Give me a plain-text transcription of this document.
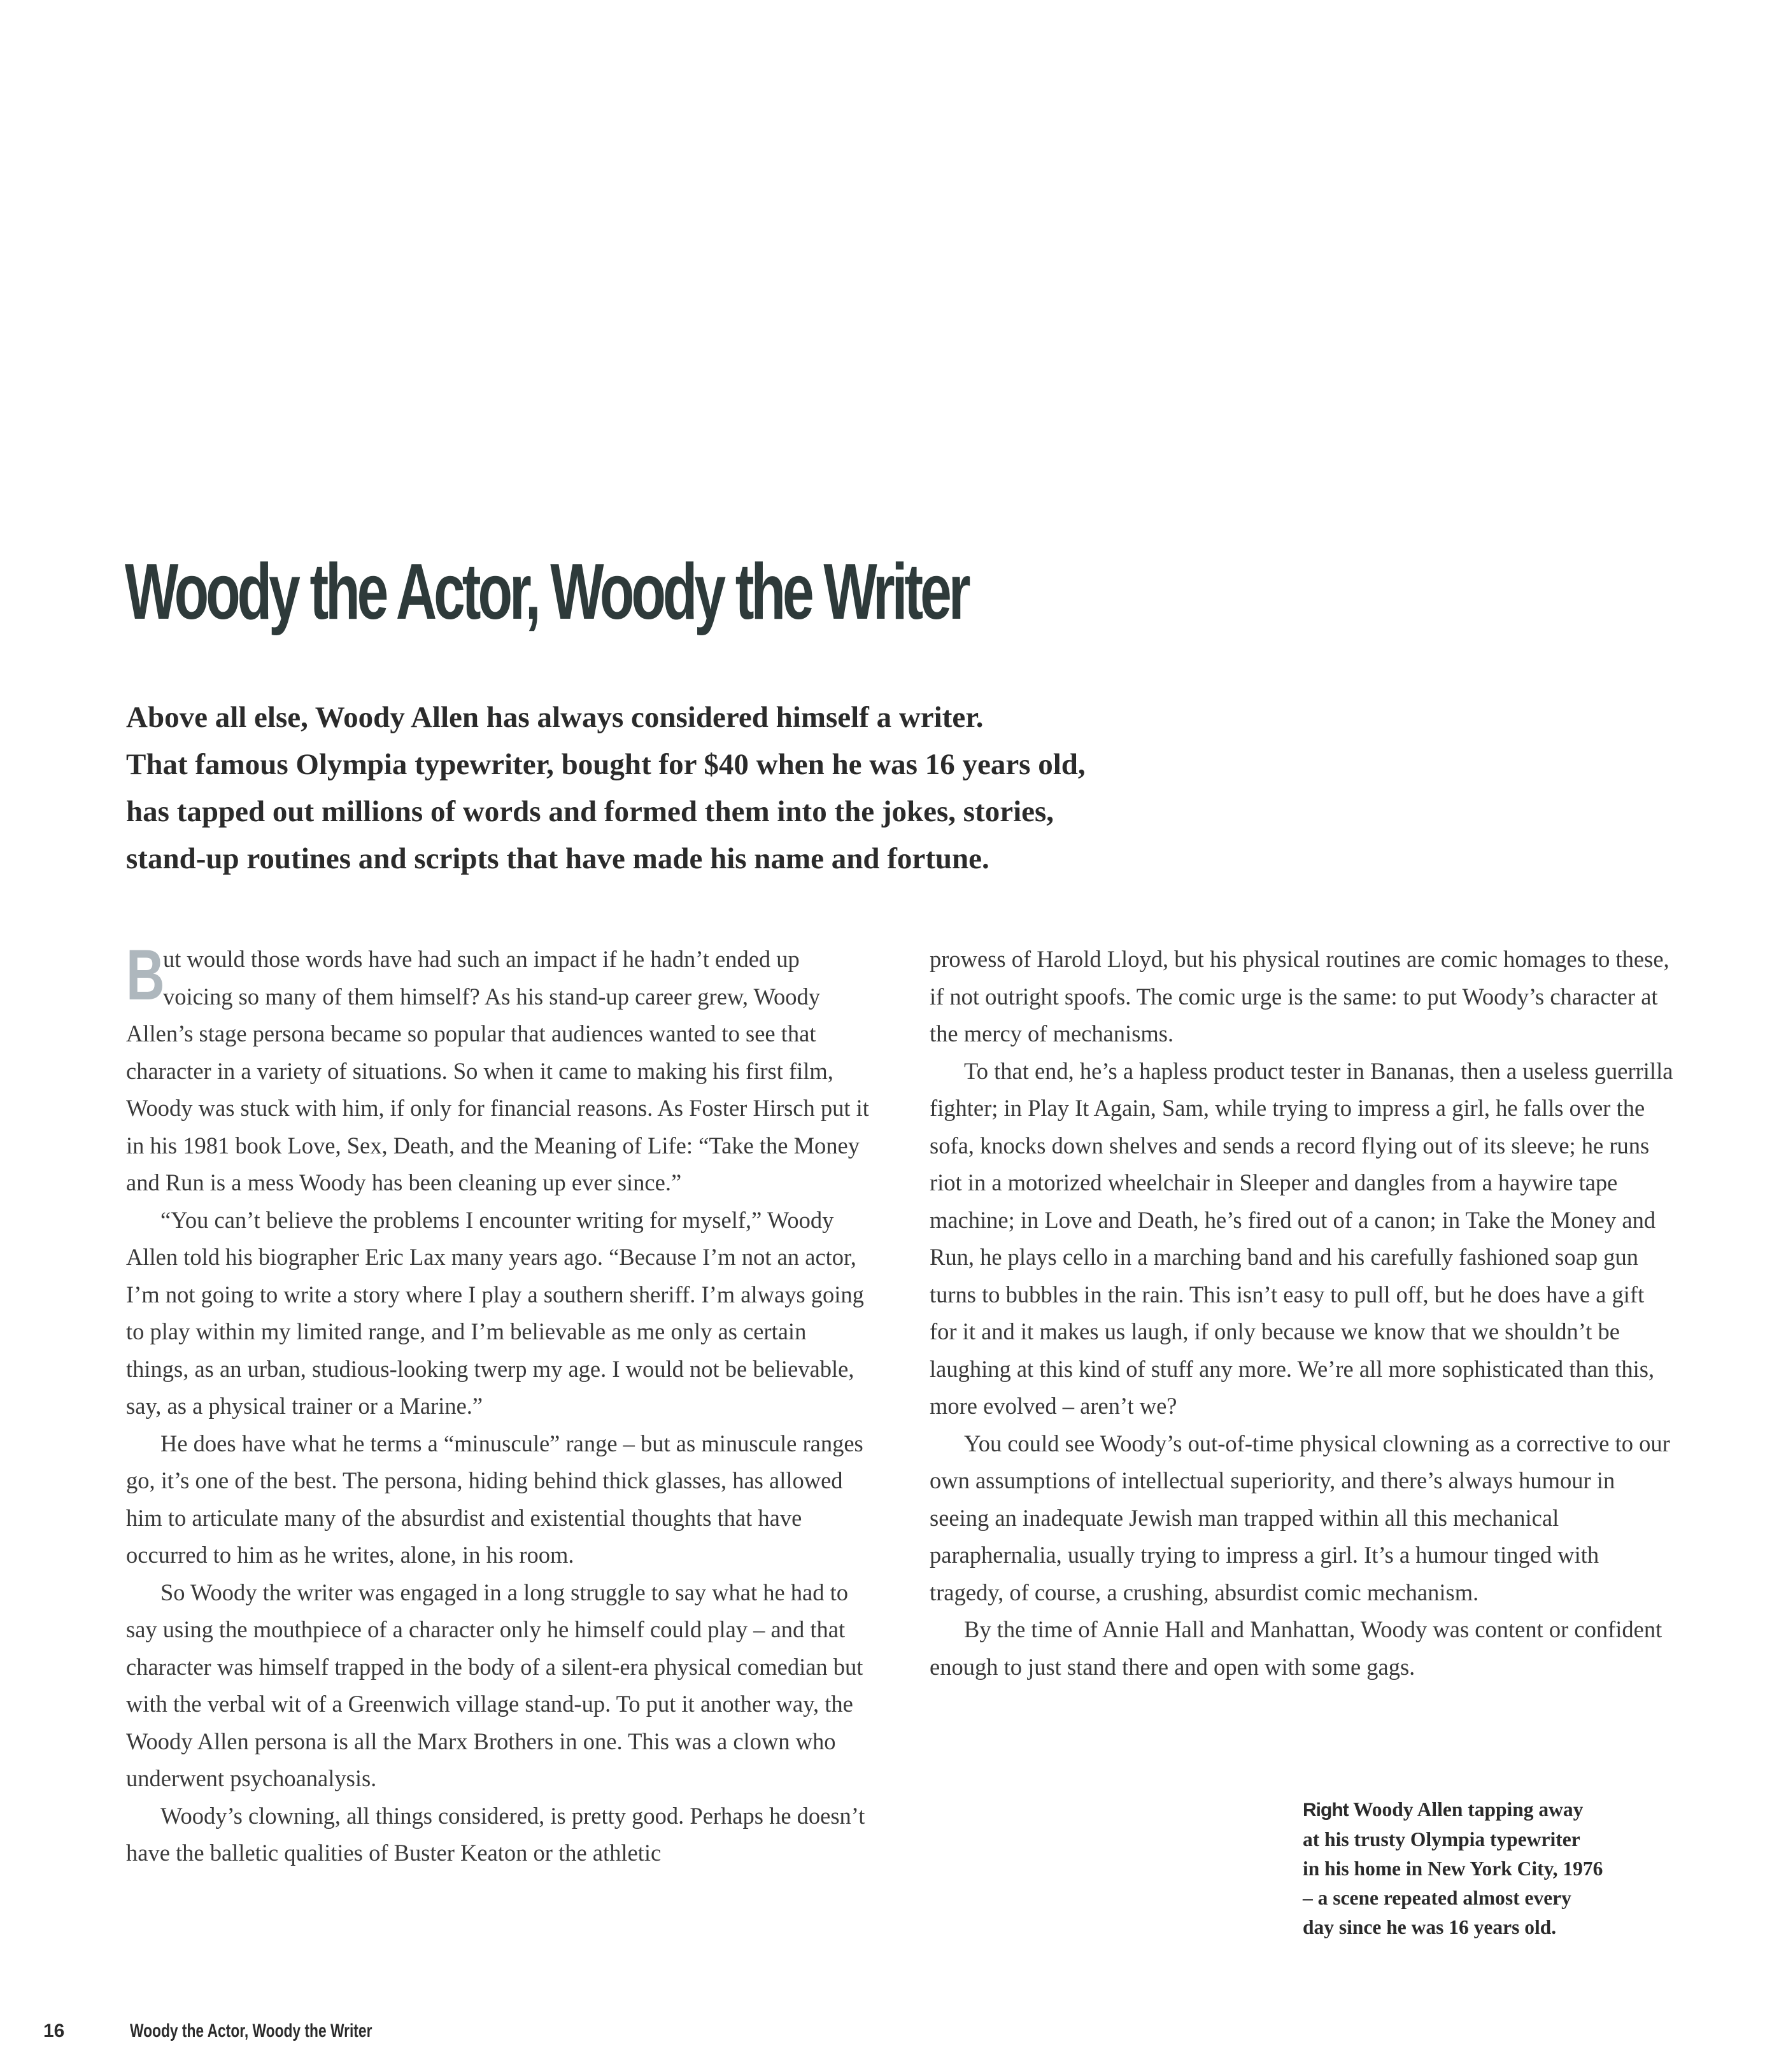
Woody the Actor, Woody the Writer
Above all else, Woody Allen has always considered himself a writer.
That famous Olympia typewriter, bought for $40 when he was 16 years old,
has tapped out millions of words and formed them into the jokes, stories,
stand-up routines and scripts that have made his name and fortune.
B

ut would those words have had such an impact if he hadn’t ended up voicing so many of them himself? As his stand-up career grew, Woody Allen’s stage persona became so popular that audiences wanted to see that character in a variety of situations. So when it came to making his first film, Woody was stuck with him, if only for financial reasons. As Foster Hirsch put it in his 1981 book Love, Sex, Death, and the Meaning of Life: “Take the Money and Run is a mess Woody has been cleaning up ever since.”

“You can’t believe the problems I encounter writing for myself,” Woody Allen told his biographer Eric Lax many years ago. “Because I’m not an actor, I’m not going to write a story where I play a southern sheriff. I’m always going to play within my limited range, and I’m believable as me only as certain things, as an urban, studious-looking twerp my age. I would not be believable, say, as a physical trainer or a Marine.”

He does have what he terms a “minuscule” range – but as minuscule ranges go, it’s one of the best. The persona, hiding behind thick glasses, has allowed him to articulate many of the absurdist and existential thoughts that have occurred to him as he writes, alone, in his room.

So Woody the writer was engaged in a long struggle to say what he had to say using the mouthpiece of a character only he himself could play – and that character was himself trapped in the body of a silent-era physical comedian but with the verbal wit of a Greenwich village stand-up. To put it another way, the Woody Allen persona is all the Marx Brothers in one. This was a clown who underwent psychoanalysis.

Woody’s clowning, all things considered, is pretty good. Perhaps he doesn’t have the balletic qualities of Buster Keaton or the athletic

prowess of Harold Lloyd, but his physical routines are comic homages to these, if not outright spoofs. The comic urge is the same: to put Woody’s character at the mercy of mechanisms.

To that end, he’s a hapless product tester in Bananas, then a useless guerrilla fighter; in Play It Again, Sam, while trying to impress a girl, he falls over the sofa, knocks down shelves and sends a record flying out of its sleeve; he runs riot in a motorized wheelchair in Sleeper and dangles from a haywire tape machine; in Love and Death, he’s fired out of a canon; in Take the Money and Run, he plays cello in a marching band and his carefully fashioned soap gun turns to bubbles in the rain. This isn’t easy to pull off, but he does have a gift for it and it makes us laugh, if only because we know that we shouldn’t be laughing at this kind of stuff any more. We’re all more sophisticated than this, more evolved – aren’t we?

You could see Woody’s out-of-time physical clowning as a corrective to our own assumptions of intellectual superiority, and there’s always humour in seeing an inadequate Jewish man trapped within all this mechanical paraphernalia, usually trying to impress a girl. It’s a humour tinged with tragedy, of course, a crushing, absurdist comic mechanism.

By the time of Annie Hall and Manhattan, Woody was content or confident enough to just stand there and open with some gags.

Right Woody Allen tapping away
at his trusty Olympia typewriter
in his home in New York City, 1976
– a scene repeated almost every
day since he was 16 years old.
16	Woody the Actor, Woody the Writer
